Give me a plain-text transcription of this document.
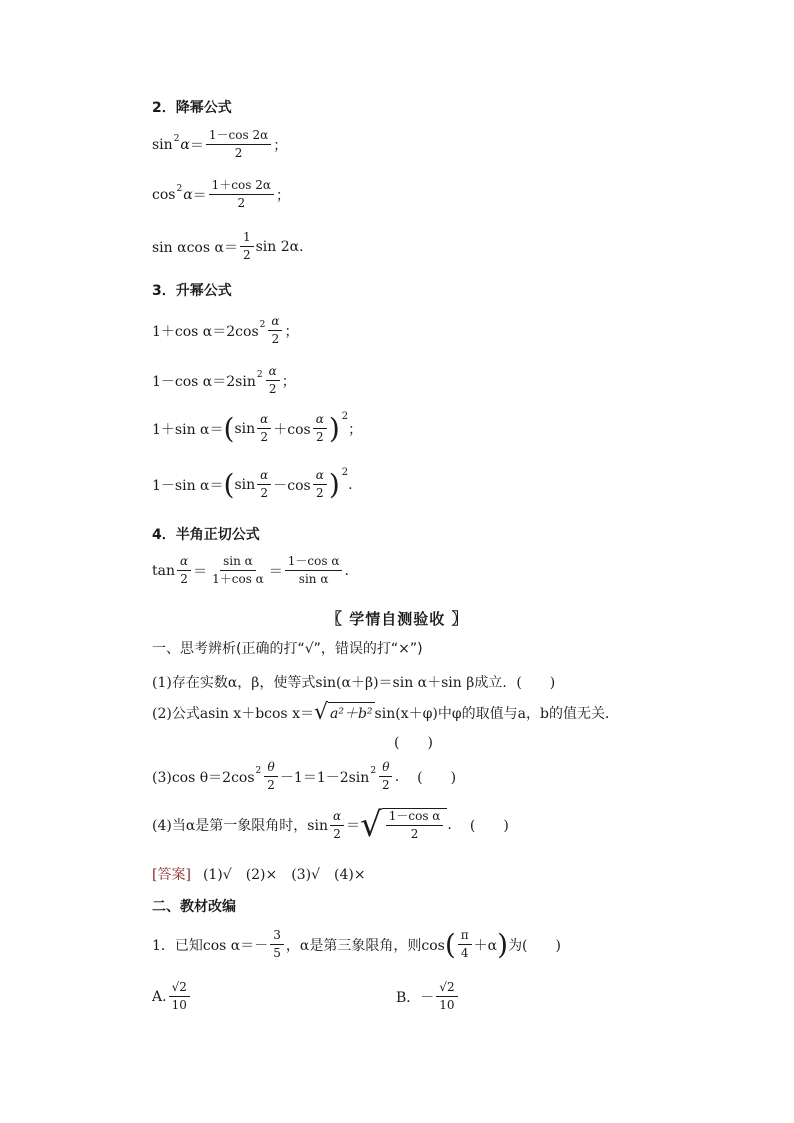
2．降幂公式
sin 2 $\alpha = \frac{1-\cos 2\alpha}{2}$ ；
cos 2 $\alpha = \frac{1+\cos 2\alpha}{2}$ ；
sin αcos $\alpha= \frac{1}{2}$ sin 2α.
3．升幂公式
1＋cos α＝2cos $2 \frac{\alpha}{2}$ ；
1－cos α＝2sin $2 \frac{\alpha}{2}$ ；
1＋sin α＝ ( $\sin \frac{\alpha}{2} +\cos \frac{\alpha}{2}$ ) 2
；
1－sin α＝ ( $\sin \frac{\alpha}{2} -\cos \frac{\alpha}{2}$ ) 2
.
4．半角正切公式
$\tan \frac{\alpha}{2} = \frac{\text{sin α}}{\text{1＋cos α}} = \frac{\text{1－cos α}}{\text{sin α}}$ .
〖 学情自测验收 〗
一、思考辨析(正确的打“√”，错误的打“×”)
(1)存在实数α，β，使等式sin(α＋β)＝sin α＋sin β成立． (　　)
(2)公式asin x＋bcos x＝ √ a²＋b² sin(x＋φ)中φ的取值与a，b的值无关．
(　　)
(3)cos θ＝2cos $2 \frac{\theta}{2} -1=1-2\sin$ $2 \frac{\theta}{2}$ . (　　)
(4)当α是第一象限角时，$\sin \frac{\alpha}{2}$ ＝ √ $\frac{\text{1－cos α}}{2}$ . (　　)
[答案] (1)√　(2)×　(3)√　(4)×
二、教材改编
1．已知$\cos \alpha=- \frac{3}{5}$ ，α是第三象限角，则cos ( $\frac{\pi}{4} +\alpha$ ) 为(　　)
A. $\frac{√2}{10}$	B．－ $\frac{√2}{10}$
